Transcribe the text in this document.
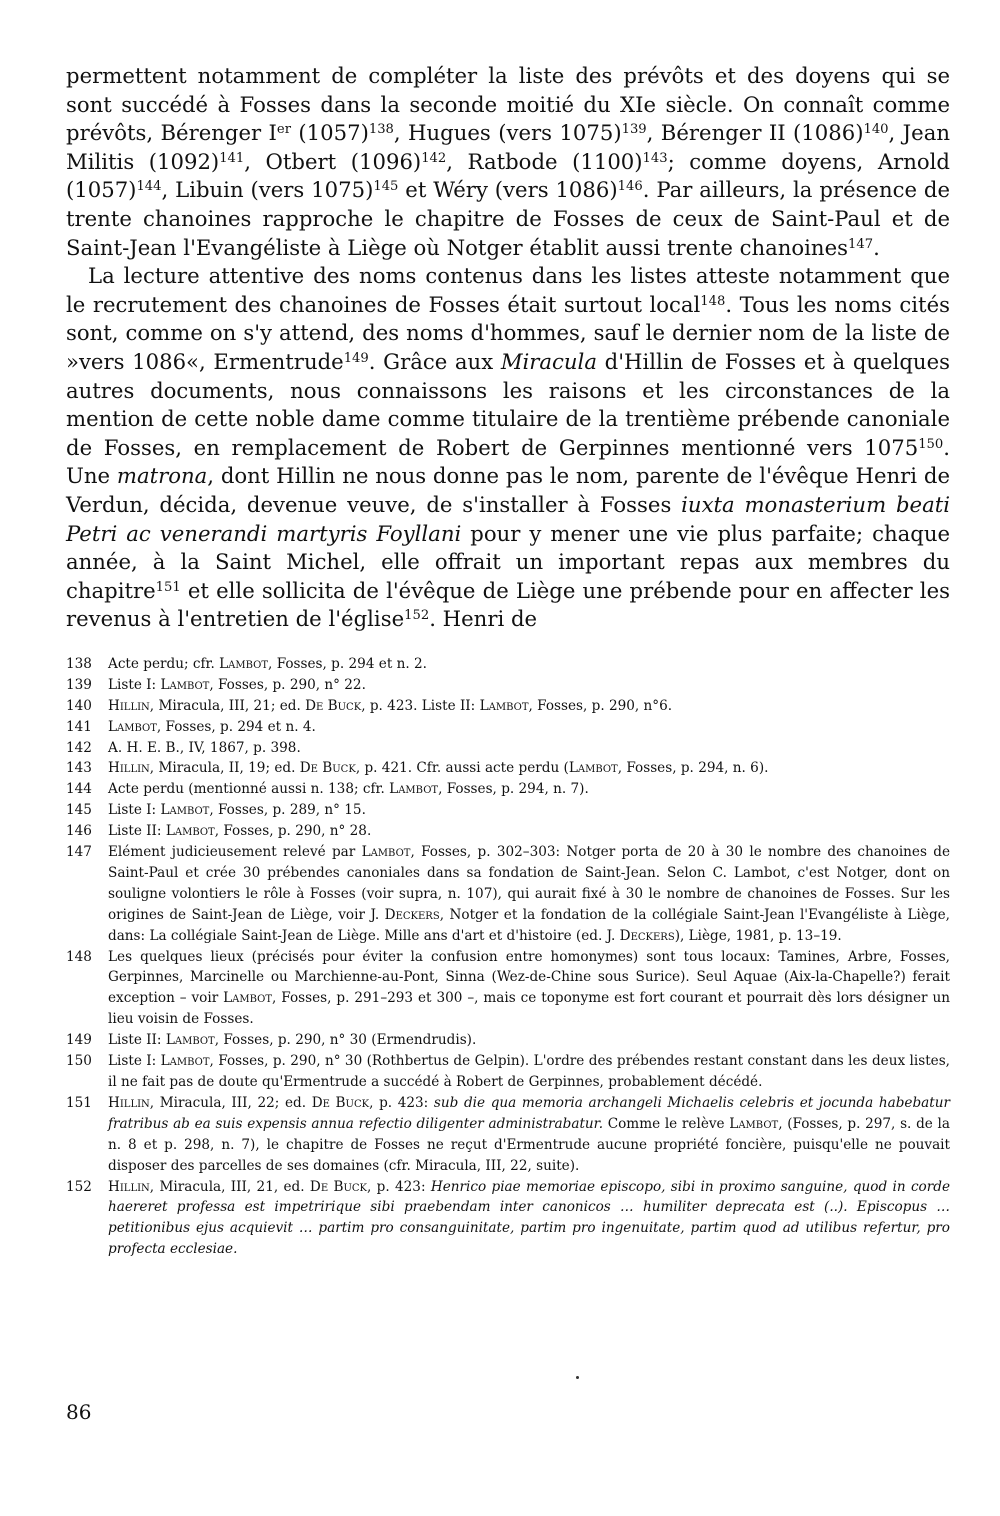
permettent notamment de compléter la liste des prévôts et des doyens qui se sont succédé à Fosses dans la seconde moitié du XIe siècle. On connaît comme prévôts, Bérenger Ier $(1057)^{138}$, Hugues (vers 1075)$^{139}$, Bérenger II $(1086)^{140}$, Jean Militis $(1092)^{141}$, Otbert $(1096)^{142}$, Ratbode $(1100)^{143}$; comme doyens, Arnold $(1057)^{144}$, Libuin (vers 1075)$^{145}$ et Wéry (vers 1086)$^{146}$. Par ailleurs, la présence de trente chanoines rapproche le chapitre de Fosses de ceux de Saint-Paul et de Saint-Jean l'Evangéliste à Liège où Notger établit aussi trente chanoines$^{147}$.

La lecture attentive des noms contenus dans les listes atteste notamment que le recrutement des chanoines de Fosses était surtout local$^{148}$. Tous les noms cités sont, comme on s'y attend, des noms d'hommes, sauf le dernier nom de la liste de »vers 1086«, Ermentrude$^{149}$. Grâce aux Miracula d'Hillin de Fosses et à quelques autres documents, nous connaissons les raisons et les circonstances de la mention de cette noble dame comme titulaire de la trentième prébende canoniale de Fosses, en remplacement de Robert de Gerpinnes mentionné vers 1075$^{150}$. Une matrona, dont Hillin ne nous donne pas le nom, parente de l'évêque Henri de Verdun, décida, devenue veuve, de s'installer à Fosses iuxta monasterium beati Petri ac venerandi martyris Foyllani pour y mener une vie plus parfaite; chaque année, à la Saint Michel, elle offrait un important repas aux membres du chapitre$^{151}$ et elle sollicita de l'évêque de Liège une prébende pour en affecter les revenus à l'entretien de l'église$^{152}$. Henri de

138	Acte perdu; cfr. Lambot, Fosses, p. 294 et n. 2.
139	Liste I: Lambot, Fosses, p. 290, n° 22.
140	Hillin, Miracula, III, 21; ed. De Buck, p. 423. Liste II: Lambot, Fosses, p. 290, n°6.
141	Lambot, Fosses, p. 294 et n. 4.
142	A. H. E. B., IV, 1867, p. 398.
143	Hillin, Miracula, II, 19; ed. De Buck, p. 421. Cfr. aussi acte perdu (Lambot, Fosses, p. 294, n. 6).
144	Acte perdu (mentionné aussi n. 138; cfr. Lambot, Fosses, p. 294, n. 7).
145	Liste I: Lambot, Fosses, p. 289, n° 15.
146	Liste II: Lambot, Fosses, p. 290, n° 28.
147	Elément judicieusement relevé par Lambot, Fosses, p. 302–303: Notger porta de 20 à 30 le nombre des chanoines de Saint-Paul et crée 30 prébendes canoniales dans sa fondation de Saint-Jean. Selon C. Lambot, c'est Notger, dont on souligne volontiers le rôle à Fosses (voir supra, n. 107), qui aurait fixé à 30 le nombre de chanoines de Fosses. Sur les origines de Saint-Jean de Liège, voir J. Deckers, Notger et la fondation de la collégiale Saint-Jean l'Evangéliste à Liège, dans: La collégiale Saint-Jean de Liège. Mille ans d'art et d'histoire (ed. J. Deckers), Liège, 1981, p. 13–19.
148	Les quelques lieux (précisés pour éviter la confusion entre homonymes) sont tous locaux: Tamines, Arbre, Fosses, Gerpinnes, Marcinelle ou Marchienne-au-Pont, Sinna (Wez-de-Chine sous Surice). Seul Aquae (Aix-la-Chapelle?) ferait exception – voir Lambot, Fosses, p. 291–293 et 300 –, mais ce toponyme est fort courant et pourrait dès lors désigner un lieu voisin de Fosses.
149	Liste II: Lambot, Fosses, p. 290, n° 30 (Ermendrudis).
150	Liste I: Lambot, Fosses, p. 290, n° 30 (Rothbertus de Gelpin). L'ordre des prébendes restant constant dans les deux listes, il ne fait pas de doute qu'Ermentrude a succédé à Robert de Gerpinnes, probablement décédé.
151	Hillin, Miracula, III, 22; ed. De Buck, p. 423: sub die qua memoria archangeli Michaelis celebris et jocunda habebatur fratribus ab ea suis expensis annua refectio diligenter administrabatur. Comme le relève Lambot, (Fosses, p. 297, s. de la n. 8 et p. 298, n. 7), le chapitre de Fosses ne reçut d'Ermentrude aucune propriété foncière, puisqu'elle ne pouvait disposer des parcelles de ses domaines (cfr. Miracula, III, 22, suite).
152	Hillin, Miracula, III, 21, ed. De Buck, p. 423: Henrico piae memoriae episcopo, sibi in proximo sanguine, quod in corde haereret professa est impetririque sibi praebendam inter canonicos … humiliter deprecata est (..). Episcopus … petitionibus ejus acquievit … partim pro consanguinitate, partim pro ingenuitate, partim quod ad utilibus refertur, pro profecta ecclesiae.
86
